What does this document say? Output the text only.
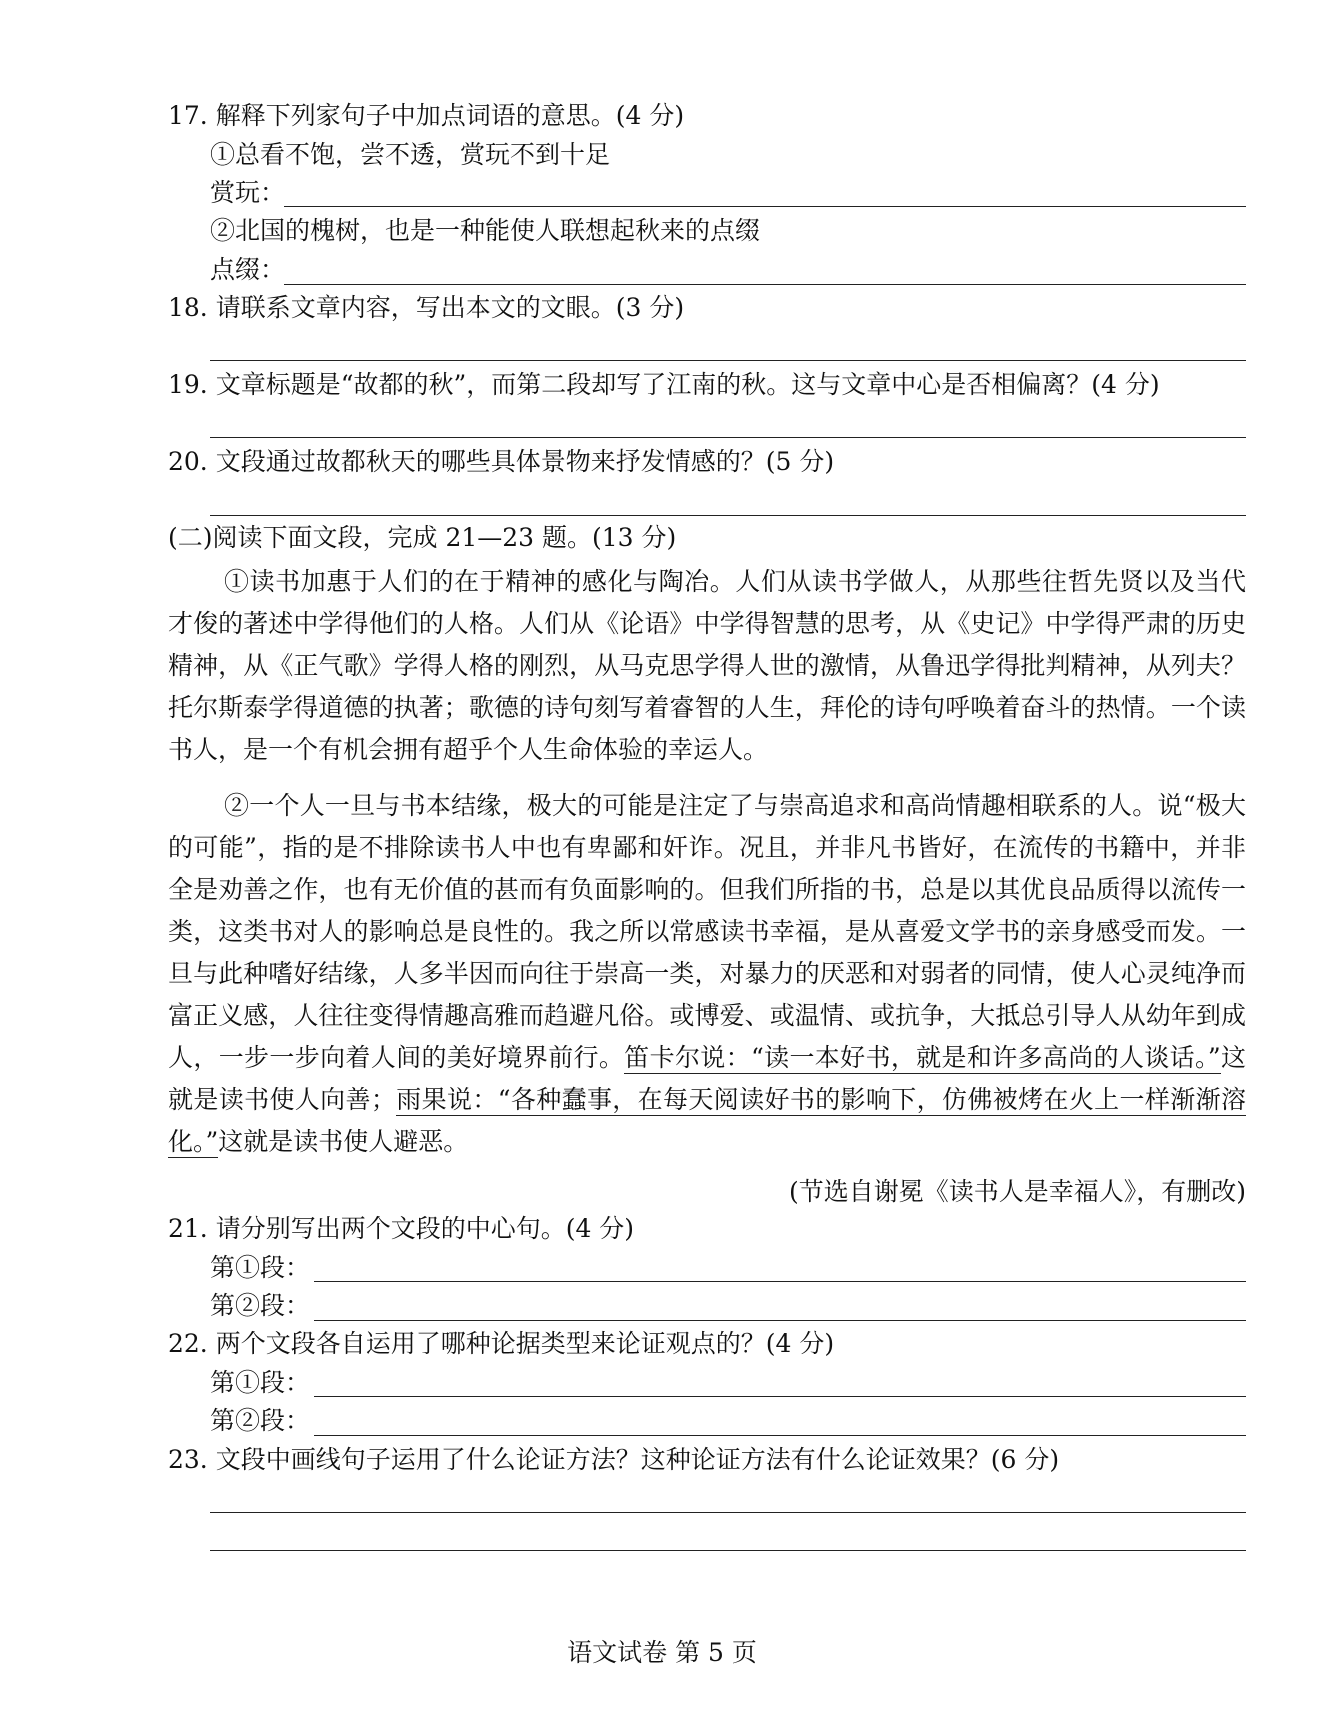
17. 解释下列家句子中加点词语的意思。(4 分)
①总看不饱，尝不透，赏玩不到十足
赏玩：
②北国的槐树，也是一种能使人联想起秋来的点缀
点缀：
18. 请联系文章内容，写出本文的文眼。(3 分)
19. 文章标题是“故都的秋”，而第二段却写了江南的秋。这与文章中心是否相偏离？(4 分)
20. 文段通过故都秋天的哪些具体景物来抒发情感的？(5 分)
(二)阅读下面文段，完成 21—23 题。(13 分)
①读书加惠于人们的在于精神的感化与陶冶。人们从读书学做人，从那些往哲先贤以及当代才俊的著述中学得他们的人格。人们从《论语》中学得智慧的思考，从《史记》中学得严肃的历史精神，从《正气歌》学得人格的刚烈，从马克思学得人世的激情，从鲁迅学得批判精神，从列夫？托尔斯泰学得道德的执著；歌德的诗句刻写着睿智的人生，拜伦的诗句呼唤着奋斗的热情。一个读书人，是一个有机会拥有超乎个人生命体验的幸运人。
②一个人一旦与书本结缘，极大的可能是注定了与崇高追求和高尚情趣相联系的人。说“极大的可能”，指的是不排除读书人中也有卑鄙和奸诈。况且，并非凡书皆好，在流传的书籍中，并非全是劝善之作，也有无价值的甚而有负面影响的。但我们所指的书，总是以其优良品质得以流传一类，这类书对人的影响总是良性的。我之所以常感读书幸福，是从喜爱文学书的亲身感受而发。一旦与此种嗜好结缘，人多半因而向往于崇高一类，对暴力的厌恶和对弱者的同情，使人心灵纯净而富正义感，人往往变得情趣高雅而趋避凡俗。或博爱、或温情、或抗争，大抵总引导人从幼年到成人，一步一步向着人间的美好境界前行。笛卡尔说：“读一本好书，就是和许多高尚的人谈话。”这就是读书使人向善；雨果说：“各种蠢事，在每天阅读好书的影响下，仿佛被烤在火上一样渐渐溶化。”这就是读书使人避恶。
(节选自谢冕《读书人是幸福人》，有删改)
21. 请分别写出两个文段的中心句。(4 分)
第①段：
第②段：
22. 两个文段各自运用了哪种论据类型来论证观点的？(4 分)
第①段：
第②段：
23. 文段中画线句子运用了什么论证方法？这种论证方法有什么论证效果？(6 分)
语文试卷 第 5 页
